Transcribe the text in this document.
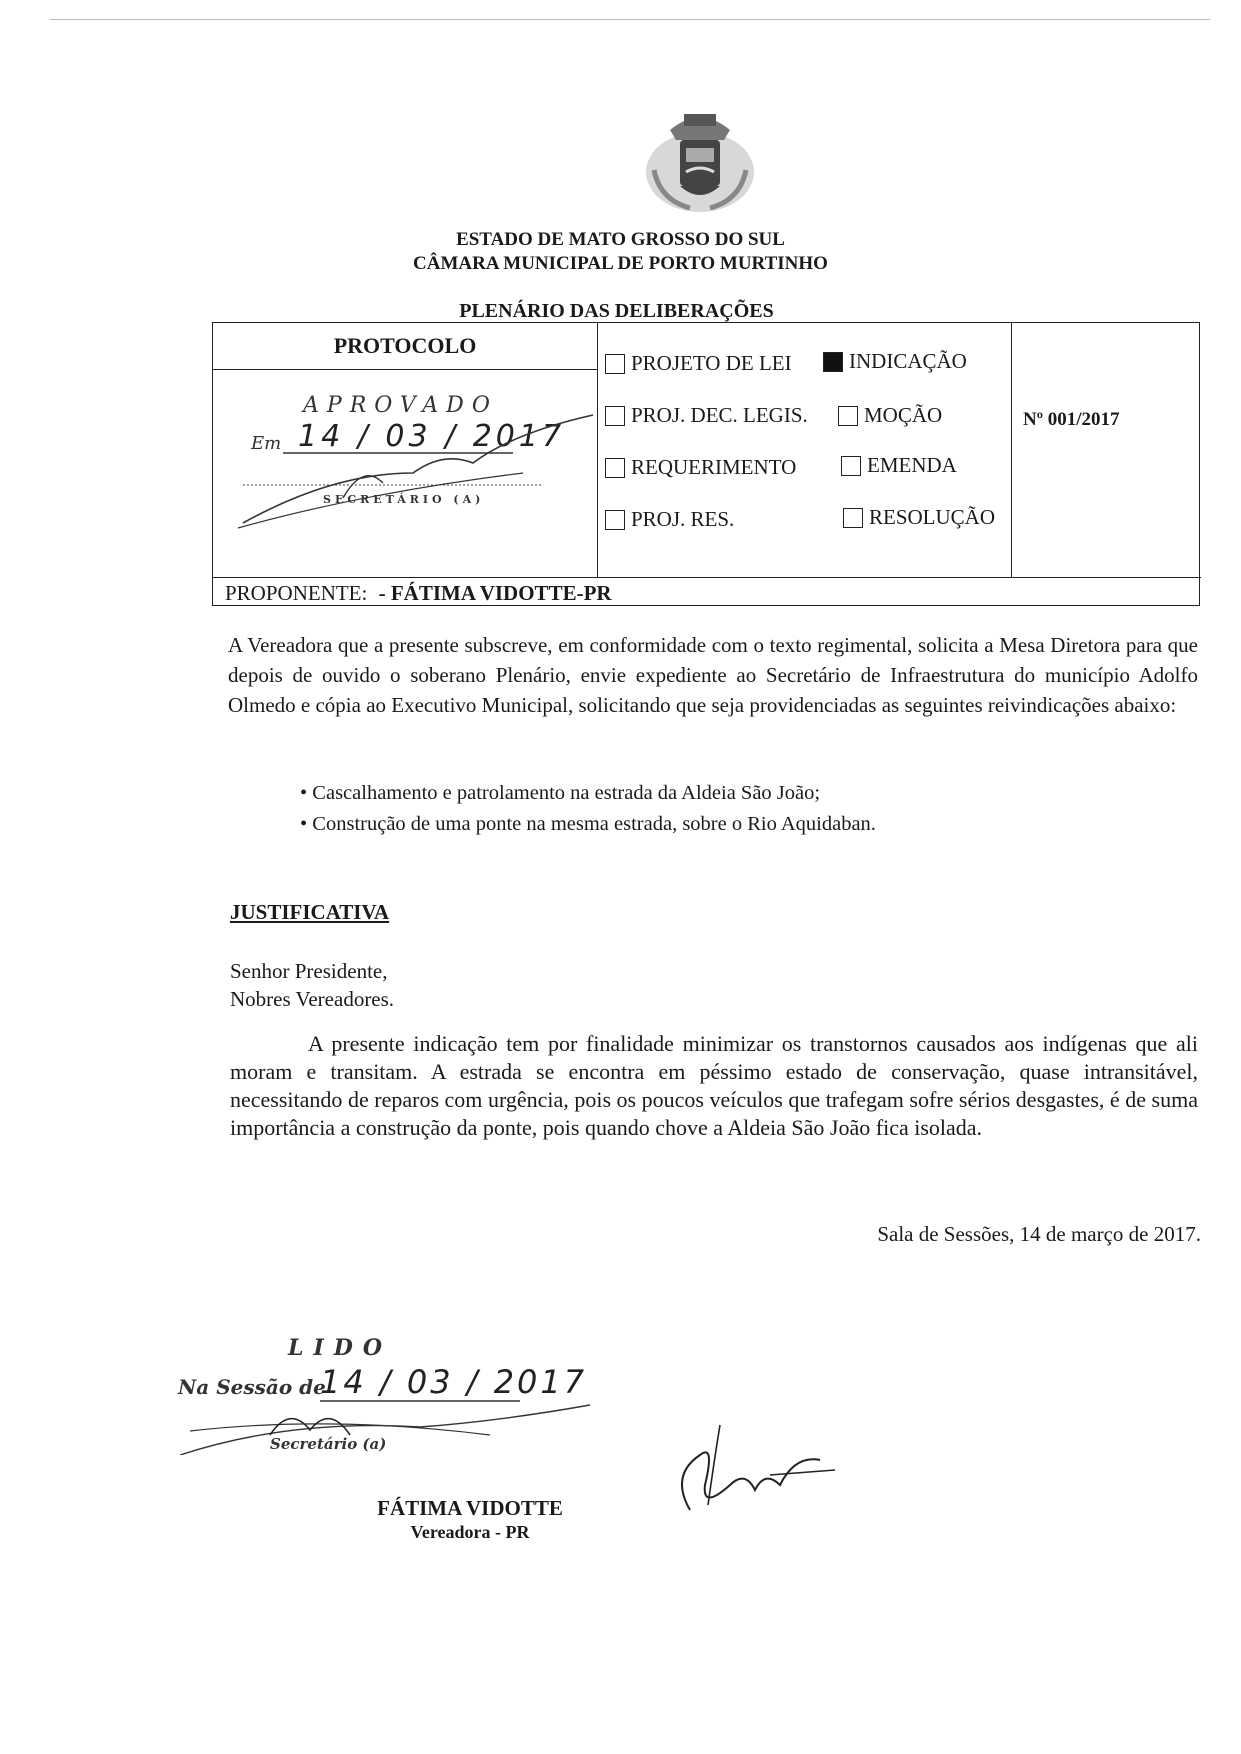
ESTADO DE MATO GROSSO DO SUL
CÂMARA MUNICIPAL DE PORTO MURTINHO
PLENÁRIO DAS DELIBERAÇÕES
PROTOCOLO
APROVADO
Em 14 / 03 / 2017
SECRETÁRIO (A)
PROJETO DE LEI	INDICAÇÃO
PROJ. DEC. LEGIS.	MOÇÃO
REQUERIMENTO	EMENDA
PROJ. RES.	RESOLUÇÃO
Nº 001/2017
PROPONENTE: - FÁTIMA VIDOTTE-PR
A Vereadora que a presente subscreve, em conformidade com o texto regimental, solicita a Mesa Diretora para que depois de ouvido o soberano Plenário, envie expediente ao Secretário de Infraestrutura do município Adolfo Olmedo e cópia ao Executivo Municipal, solicitando que seja providenciadas as seguintes reivindicações abaixo:
• Cascalhamento e patrolamento na estrada da Aldeia São João;
• Construção de uma ponte na mesma estrada, sobre o Rio Aquidaban.
JUSTIFICATIVA
Senhor Presidente,
Nobres Vereadores.
A presente indicação tem por finalidade minimizar os transtornos causados aos indígenas que ali moram e transitam. A estrada se encontra em péssimo estado de conservação, quase intransitável, necessitando de reparos com urgência, pois os poucos veículos que trafegam sofre sérios desgastes, é de suma importância a construção da ponte, pois quando chove a Aldeia São João fica isolada.
Sala de Sessões, 14 de março de 2017.
LIDO
Na Sessão de
14 / 03 / 2017
Secretário (a)
FÁTIMA VIDOTTE
Vereadora - PR
